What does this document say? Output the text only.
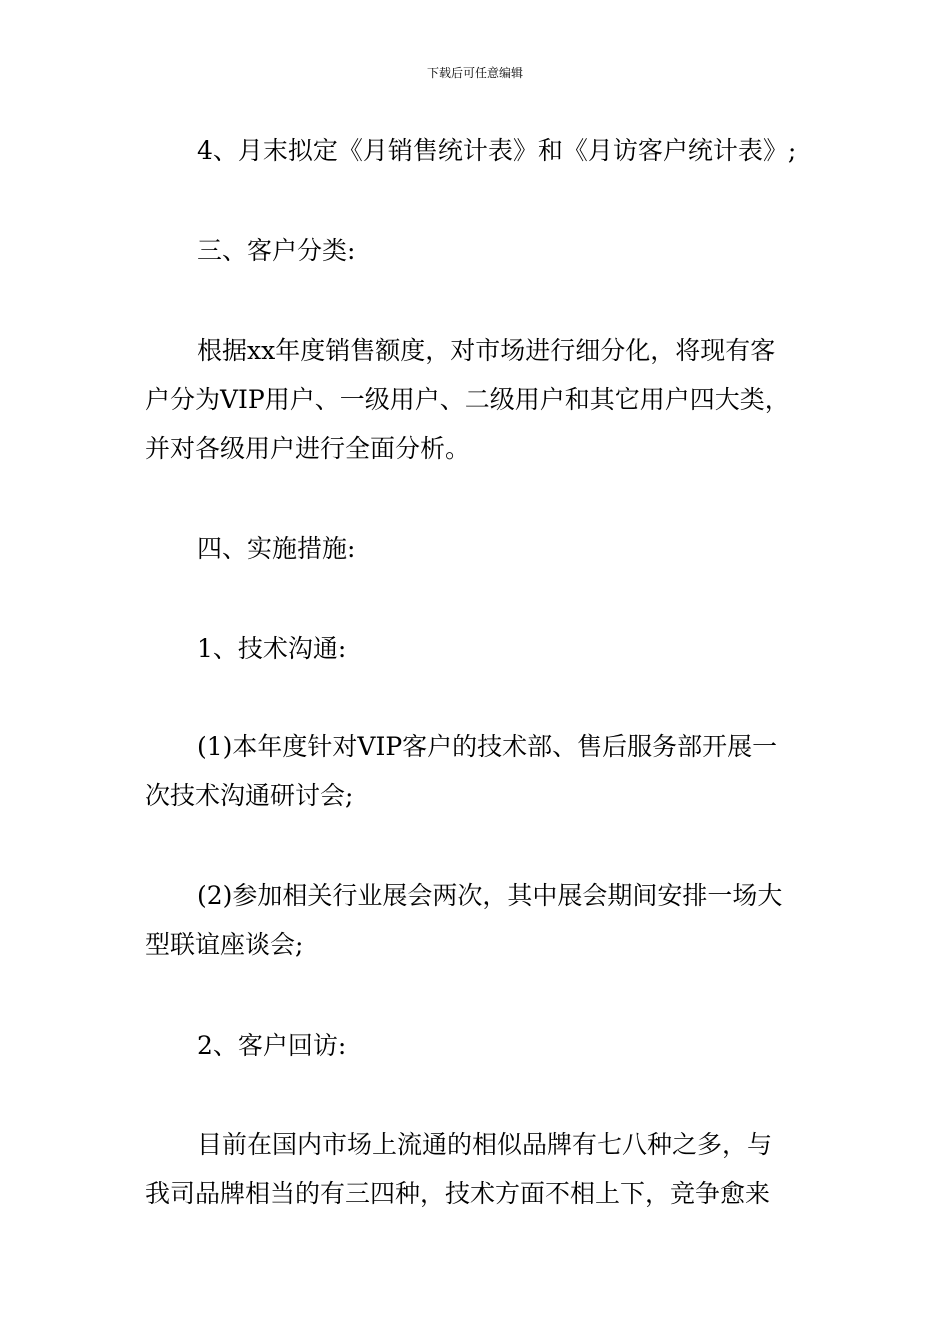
下载后可任意编辑

4、月末拟定《月销售统计表》和《月访客户统计表》;

三、客户分类:

根据xx年度销售额度，对市场进行细分化，将现有客
户分为VIP用户、一级用户、二级用户和其它用户四大类，
并对各级用户进行全面分析。

四、实施措施:

1、技术沟通:

(1)本年度针对VIP客户的技术部、售后服务部开展一
次技术沟通研讨会;

(2)参加相关行业展会两次，其中展会期间安排一场大
型联谊座谈会;

2、客户回访:

目前在国内市场上流通的相似品牌有七八种之多，与
我司品牌相当的有三四种，技术方面不相上下，竞争愈来
